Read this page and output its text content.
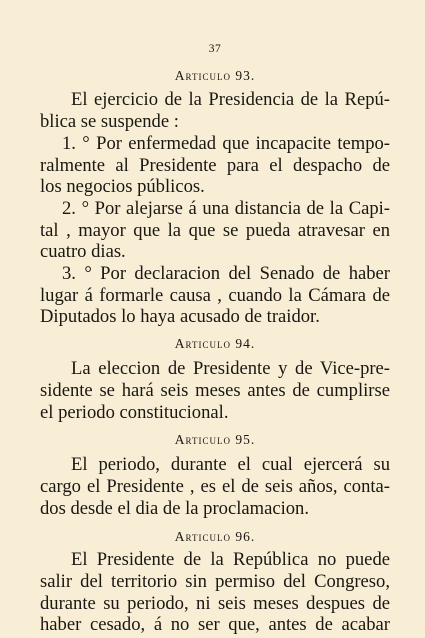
37
Articulo 93.
El ejercicio de la Presidencia de la Repú-
blica se suspende :
1. ° Por enfermedad que incapacite tempo-
ralmente al Presidente para el despacho de
los negocios públicos.
2. ° Por alejarse á una distancia de la Capi-
tal , mayor que la que se pueda atravesar en
cuatro dias.
3. ° Por declaracion del Senado de haber
lugar á formarle causa , cuando la Cámara de
Diputados lo haya acusado de traidor.
Articulo 94.
La eleccion de Presidente y de Vice-pre-
sidente se hará seis meses antes de cumplirse
el periodo constitucional.
Articulo 95.
El periodo, durante el cual ejercerá su
cargo el Presidente , es el de seis años, conta-
dos desde el dia de la proclamacion.
Articulo 96.
El Presidente de la República no puede
salir del territorio sin permiso del Congreso,
durante su periodo, ni seis meses despues de
haber cesado, á no ser que, antes de acabar
